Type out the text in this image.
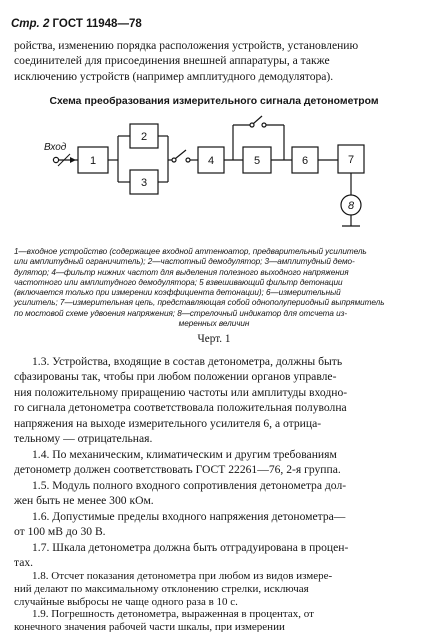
Стр. 2 ГОСТ 11948—78
ройства, изменению порядка расположения устройств, установлению
соединителей для присоединения внешней аппаратуры, а также
исключению устройств (например амплитудного демодулятора).
Схема преобразования измерительного сигнала детонометром
Вход
1
2
3
4	5	6	7
8
1—входное устройство (содержащее входной аттенюатор, предварительный усилитель
или амплитудный ограничитель); 2—частотный демодулятор; 3—амплитудный демо-
дулятор; 4—фильтр нижних частот для выделения полезного выходного напряжения
частотного или амплитудного демодулятора; 5 взвешивающий фильтр детонации
(включается только при измерении коэффициента детонации); 6—измерительный
усилитель; 7—измерительная цепь, представляющая собой однополупериодный выпрямитель
по мостовой схеме удвоения напряжения; 8—стрелочный индикатор для отсчета из-
меренных величин
Черт. 1
1.3. Устройства, входящие в состав детонометра, должны быть
сфазированы так, чтобы при любом положении органов управле-
ния положительному приращению частоты или амплитуды входно-
го сигнала детонометра соответствовала положительная полуволна
напряжения на выходе измерительного усилителя 6, а отрица-
тельному — отрицательная.
1.4. По механическим, климатическим и другим требованиям
детонометр должен соответствовать ГОСТ 22261—76, 2-я группа.
1.5. Модуль полного входного сопротивления детонометра дол-
жен быть не менее 300 кОм.
1.6. Допустимые пределы входного напряжения детонометра—
от 100 мВ до 30 В.
1.7. Шкала детонометра должна быть отградуирована в процен-
тах.
1.8. Отсчет показания детонометра при любом из видов измере-
ний делают по максимальному отклонению стрелки, исключая
случайные выбросы не чаще одного раза в 10 с.
1.9. Погрешность детонометра, выраженная в процентах, от
конечного значения рабочей части шкалы, при измерении
